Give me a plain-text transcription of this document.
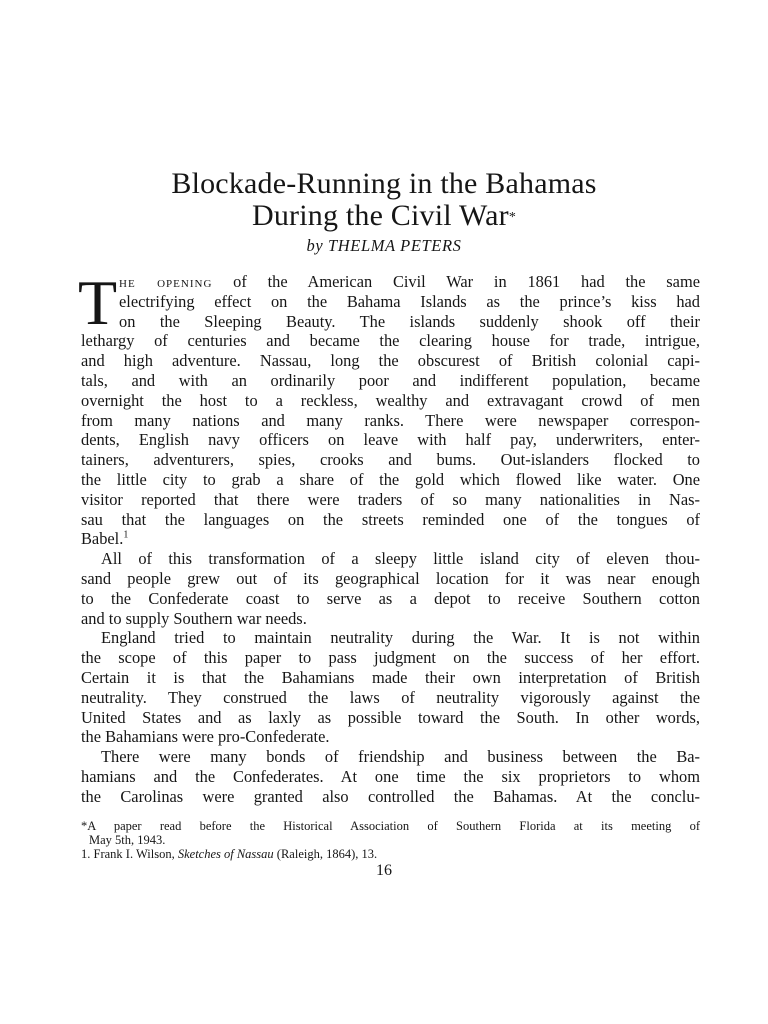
Blockade-Running in the Bahamas
During the Civil War*
by THELMA PETERS
T he opening of the American Civil War in 1861 had the same
electrifying effect on the Bahama Islands as the prince’s kiss had
on the Sleeping Beauty. The islands suddenly shook off their
lethargy of centuries and became the clearing house for trade, intrigue,
and high adventure. Nassau, long the obscurest of British colonial capi-
tals, and with an ordinarily poor and indifferent population, became
overnight the host to a reckless, wealthy and extravagant crowd of men
from many nations and many ranks. There were newspaper correspon-
dents, English navy officers on leave with half pay, underwriters, enter-
tainers, adventurers, spies, crooks and bums. Out-islanders flocked to
the little city to grab a share of the gold which flowed like water. One
visitor reported that there were traders of so many nationalities in Nas-
sau that the languages on the streets reminded one of the tongues of
Babel.$^1$
All of this transformation of a sleepy little island city of eleven thou-
sand people grew out of its geographical location for it was near enough
to the Confederate coast to serve as a depot to receive Southern cotton
and to supply Southern war needs.
England tried to maintain neutrality during the War. It is not within
the scope of this paper to pass judgment on the success of her effort.
Certain it is that the Bahamians made their own interpretation of British
neutrality. They construed the laws of neutrality vigorously against the
United States and as laxly as possible toward the South. In other words,
the Bahamians were pro-Confederate.
There were many bonds of friendship and business between the Ba-
hamians and the Confederates. At one time the six proprietors to whom
the Carolinas were granted also controlled the Bahamas. At the conclu-
*A paper read before the Historical Association of Southern Florida at its meeting of
May 5th, 1943.
1. Frank I. Wilson, Sketches of Nassau (Raleigh, 1864), 13.
16
